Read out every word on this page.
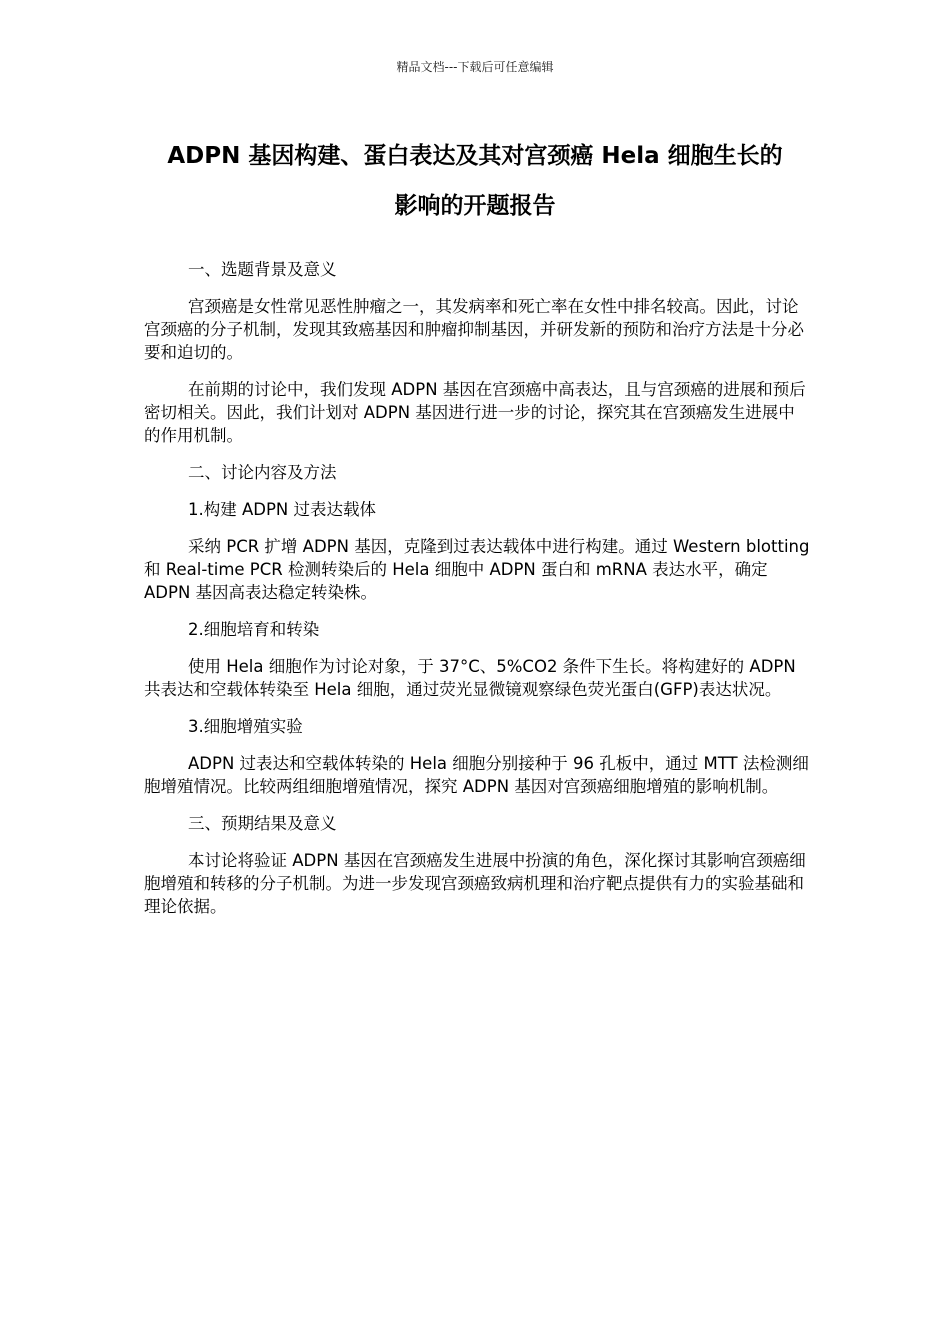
精品文档---下载后可任意编辑
ADPN 基因构建、蛋白表达及其对宫颈癌 Hela 细胞生长的
影响的开题报告

一、选题背景及意义

宫颈癌是女性常见恶性肿瘤之一，其发病率和死亡率在女性中排名较高。因此，讨论宫颈癌的分子机制，发现其致癌基因和肿瘤抑制基因，并研发新的预防和治疗方法是十分必要和迫切的。

在前期的讨论中，我们发现 ADPN 基因在宫颈癌中高表达，且与宫颈癌的进展和预后密切相关。因此，我们计划对 ADPN 基因进行进一步的讨论，探究其在宫颈癌发生进展中的作用机制。

二、讨论内容及方法

1.构建 ADPN 过表达载体

采纳 PCR 扩增 ADPN 基因，克隆到过表达载体中进行构建。通过 Western blotting 和 Real-time PCR 检测转染后的 Hela 细胞中 ADPN 蛋白和 mRNA 表达水平，确定 ADPN 基因高表达稳定转染株。

2.细胞培育和转染

使用 Hela 细胞作为讨论对象，于 37°C、5%CO2 条件下生长。将构建好的 ADPN 共表达和空载体转染至 Hela 细胞，通过荧光显微镜观察绿色荧光蛋白(GFP)表达状况。

3.细胞增殖实验

ADPN 过表达和空载体转染的 Hela 细胞分别接种于 96 孔板中，通过 MTT 法检测细胞增殖情况。比较两组细胞增殖情况，探究 ADPN 基因对宫颈癌细胞增殖的影响机制。

三、预期结果及意义

本讨论将验证 ADPN 基因在宫颈癌发生进展中扮演的角色，深化探讨其影响宫颈癌细胞增殖和转移的分子机制。为进一步发现宫颈癌致病机理和治疗靶点提供有力的实验基础和理论依据。
